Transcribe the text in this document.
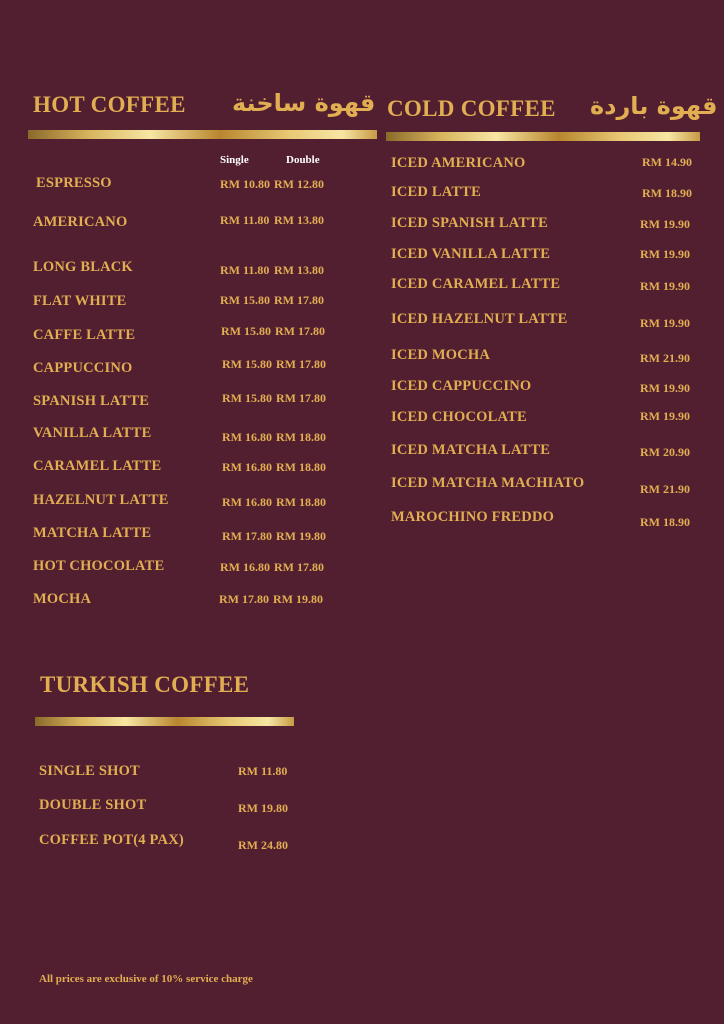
HOT COFFEE قهوة ساخنة
Single	Double
ESPRESSO	RM 10.80 RM 12.80
AMERICANO	RM 11.80 RM 13.80
LONG BLACK	RM 11.80 RM 13.80
FLAT WHITE	RM 15.80 RM 17.80
CAFFE LATTE	RM 15.80 RM 17.80
CAPPUCCINO	RM 15.80 RM 17.80
SPANISH LATTE	RM 15.80 RM 17.80
VANILLA LATTE	RM 16.80 RM 18.80
CARAMEL LATTE	RM 16.80 RM 18.80
HAZELNUT LATTE	RM 16.80 RM 18.80
MATCHA LATTE	RM 17.80 RM 19.80
HOT CHOCOLATE	RM 16.80 RM 17.80
MOCHA	RM 17.80 RM 19.80
COLD COFFEE قهوة باردة
ICED AMERICANO	RM 14.90
ICED LATTE	RM 18.90
ICED SPANISH LATTE	RM 19.90
ICED VANILLA LATTE	RM 19.90
ICED CARAMEL LATTE	RM 19.90
ICED HAZELNUT LATTE	RM 19.90
ICED MOCHA	RM 21.90
ICED CAPPUCCINO	RM 19.90
ICED CHOCOLATE	RM 19.90
ICED MATCHA LATTE	RM 20.90
ICED MATCHA MACHIATO	RM 21.90
MAROCHINO FREDDO	RM 18.90
TURKISH COFFEE
SINGLE SHOT	RM 11.80
DOUBLE SHOT	RM 19.80
COFFEE POT(4 PAX)	RM 24.80
All prices are exclusive of 10% service charge
